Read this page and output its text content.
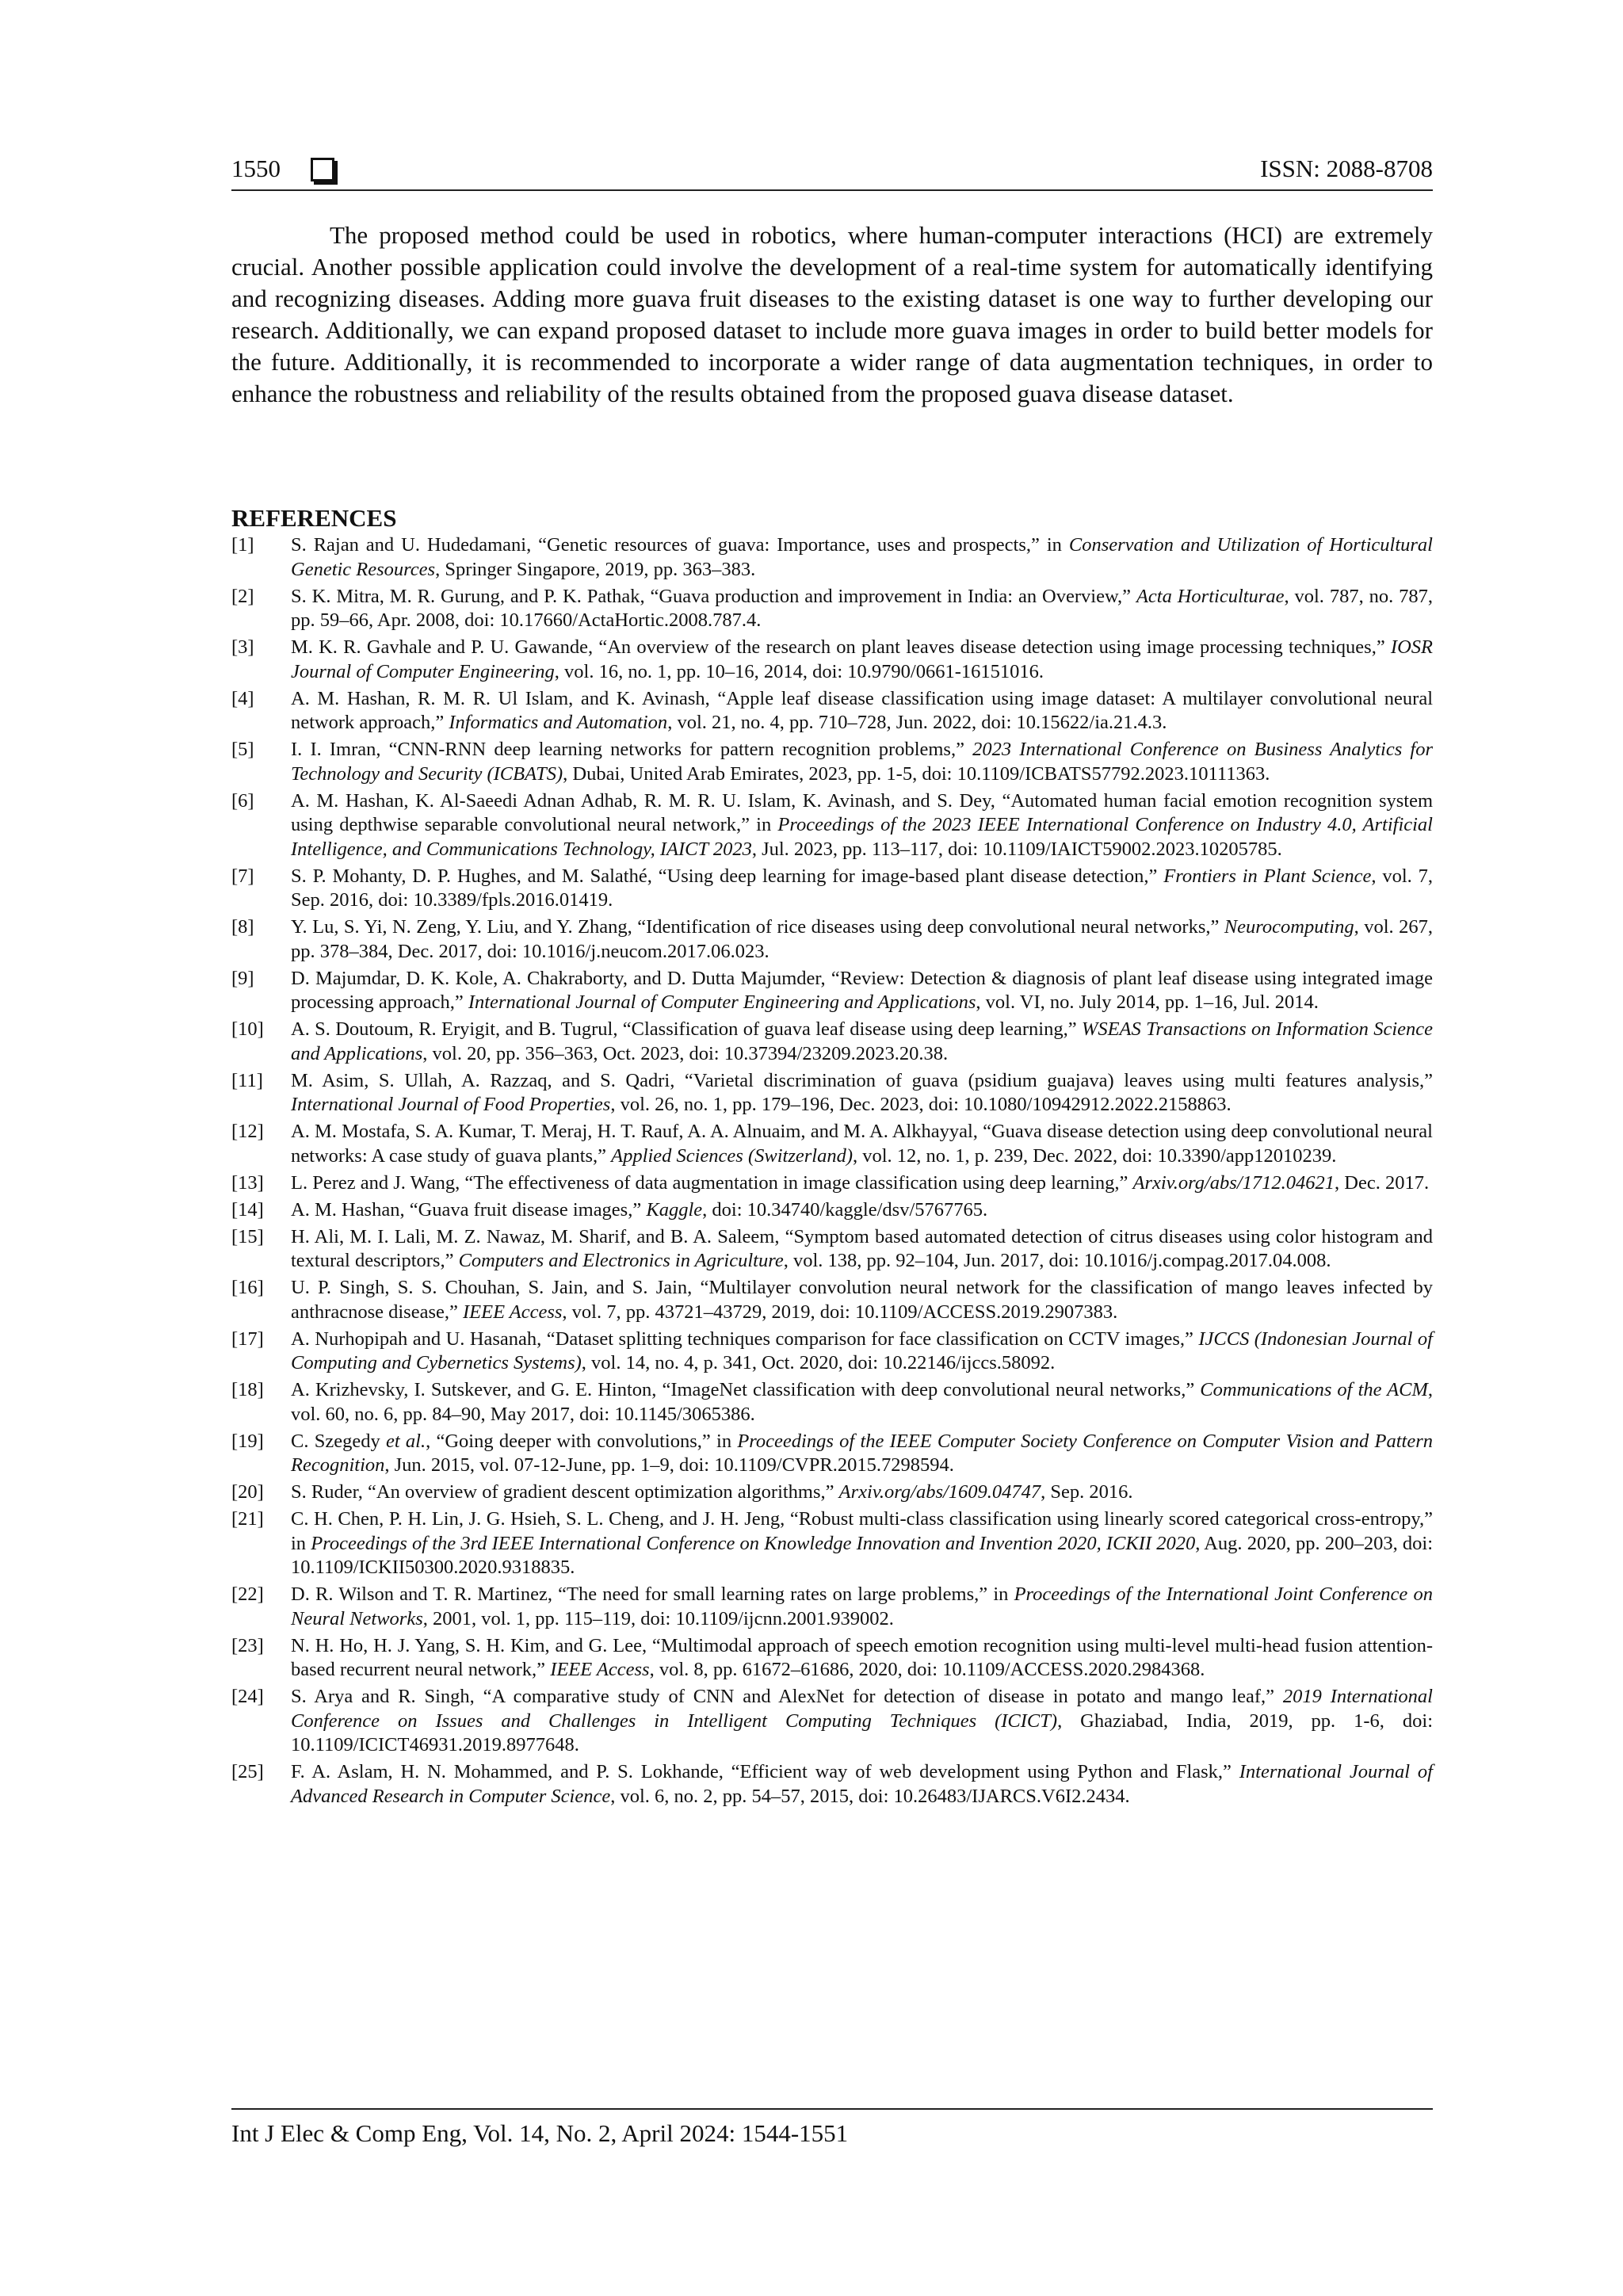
1550	ISSN: 2088-8708

The proposed method could be used in robotics, where human-computer interactions (HCI) are extremely crucial. Another possible application could involve the development of a real-time system for automatically identifying and recognizing diseases. Adding more guava fruit diseases to the existing dataset is one way to further developing our research. Additionally, we can expand proposed dataset to include more guava images in order to build better models for the future. Additionally, it is recommended to incorporate a wider range of data augmentation techniques, in order to enhance the robustness and reliability of the results obtained from the proposed guava disease dataset.

REFERENCES
[1]	S. Rajan and U. Hudedamani, “Genetic resources of guava: Importance, uses and prospects,” in Conservation and Utilization of Horticultural Genetic Resources, Springer Singapore, 2019, pp. 363–383.
[2]	S. K. Mitra, M. R. Gurung, and P. K. Pathak, “Guava production and improvement in India: an Overview,” Acta Horticulturae, vol. 787, no. 787, pp. 59–66, Apr. 2008, doi: 10.17660/ActaHortic.2008.787.4.
[3]	M. K. R. Gavhale and P. U. Gawande, “An overview of the research on plant leaves disease detection using image processing techniques,” IOSR Journal of Computer Engineering, vol. 16, no. 1, pp. 10–16, 2014, doi: 10.9790/0661-16151016.
[4]	A. M. Hashan, R. M. R. Ul Islam, and K. Avinash, “Apple leaf disease classification using image dataset: A multilayer convolutional neural network approach,” Informatics and Automation, vol. 21, no. 4, pp. 710–728, Jun. 2022, doi: 10.15622/ia.21.4.3.
[5]	I. I. Imran, “CNN-RNN deep learning networks for pattern recognition problems,” 2023 International Conference on Business Analytics for Technology and Security (ICBATS), Dubai, United Arab Emirates, 2023, pp. 1-5, doi: 10.1109/ICBATS57792.2023.10111363.
[6]	A. M. Hashan, K. Al-Saeedi Adnan Adhab, R. M. R. U. Islam, K. Avinash, and S. Dey, “Automated human facial emotion recognition system using depthwise separable convolutional neural network,” in Proceedings of the 2023 IEEE International Conference on Industry 4.0, Artificial Intelligence, and Communications Technology, IAICT 2023, Jul. 2023, pp. 113–117, doi: 10.1109/IAICT59002.2023.10205785.
[7]	S. P. Mohanty, D. P. Hughes, and M. Salathé, “Using deep learning for image-based plant disease detection,” Frontiers in Plant Science, vol. 7, Sep. 2016, doi: 10.3389/fpls.2016.01419.
[8]	Y. Lu, S. Yi, N. Zeng, Y. Liu, and Y. Zhang, “Identification of rice diseases using deep convolutional neural networks,” Neurocomputing, vol. 267, pp. 378–384, Dec. 2017, doi: 10.1016/j.neucom.2017.06.023.
[9]	D. Majumdar, D. K. Kole, A. Chakraborty, and D. Dutta Majumder, “Review: Detection & diagnosis of plant leaf disease using integrated image processing approach,” International Journal of Computer Engineering and Applications, vol. VI, no. July 2014, pp. 1–16, Jul. 2014.
[10]	A. S. Doutoum, R. Eryigit, and B. Tugrul, “Classification of guava leaf disease using deep learning,” WSEAS Transactions on Information Science and Applications, vol. 20, pp. 356–363, Oct. 2023, doi: 10.37394/23209.2023.20.38.
[11]	M. Asim, S. Ullah, A. Razzaq, and S. Qadri, “Varietal discrimination of guava (psidium guajava) leaves using multi features analysis,” International Journal of Food Properties, vol. 26, no. 1, pp. 179–196, Dec. 2023, doi: 10.1080/10942912.2022.2158863.
[12]	A. M. Mostafa, S. A. Kumar, T. Meraj, H. T. Rauf, A. A. Alnuaim, and M. A. Alkhayyal, “Guava disease detection using deep convolutional neural networks: A case study of guava plants,” Applied Sciences (Switzerland), vol. 12, no. 1, p. 239, Dec. 2022, doi: 10.3390/app12010239.
[13]	L. Perez and J. Wang, “The effectiveness of data augmentation in image classification using deep learning,” Arxiv.org/abs/1712.04621, Dec. 2017.
[14]	A. M. Hashan, “Guava fruit disease images,” Kaggle, doi: 10.34740/kaggle/dsv/5767765.
[15]	H. Ali, M. I. Lali, M. Z. Nawaz, M. Sharif, and B. A. Saleem, “Symptom based automated detection of citrus diseases using color histogram and textural descriptors,” Computers and Electronics in Agriculture, vol. 138, pp. 92–104, Jun. 2017, doi: 10.1016/j.compag.2017.04.008.
[16]	U. P. Singh, S. S. Chouhan, S. Jain, and S. Jain, “Multilayer convolution neural network for the classification of mango leaves infected by anthracnose disease,” IEEE Access, vol. 7, pp. 43721–43729, 2019, doi: 10.1109/ACCESS.2019.2907383.
[17]	A. Nurhopipah and U. Hasanah, “Dataset splitting techniques comparison for face classification on CCTV images,” IJCCS (Indonesian Journal of Computing and Cybernetics Systems), vol. 14, no. 4, p. 341, Oct. 2020, doi: 10.22146/ijccs.58092.
[18]	A. Krizhevsky, I. Sutskever, and G. E. Hinton, “ImageNet classification with deep convolutional neural networks,” Communications of the ACM, vol. 60, no. 6, pp. 84–90, May 2017, doi: 10.1145/3065386.
[19]	C. Szegedy et al., “Going deeper with convolutions,” in Proceedings of the IEEE Computer Society Conference on Computer Vision and Pattern Recognition, Jun. 2015, vol. 07-12-June, pp. 1–9, doi: 10.1109/CVPR.2015.7298594.
[20]	S. Ruder, “An overview of gradient descent optimization algorithms,” Arxiv.org/abs/1609.04747, Sep. 2016.
[21]	C. H. Chen, P. H. Lin, J. G. Hsieh, S. L. Cheng, and J. H. Jeng, “Robust multi-class classification using linearly scored categorical cross-entropy,” in Proceedings of the 3rd IEEE International Conference on Knowledge Innovation and Invention 2020, ICKII 2020, Aug. 2020, pp. 200–203, doi: 10.1109/ICKII50300.2020.9318835.
[22]	D. R. Wilson and T. R. Martinez, “The need for small learning rates on large problems,” in Proceedings of the International Joint Conference on Neural Networks, 2001, vol. 1, pp. 115–119, doi: 10.1109/ijcnn.2001.939002.
[23]	N. H. Ho, H. J. Yang, S. H. Kim, and G. Lee, “Multimodal approach of speech emotion recognition using multi-level multi-head fusion attention-based recurrent neural network,” IEEE Access, vol. 8, pp. 61672–61686, 2020, doi: 10.1109/ACCESS.2020.2984368.
[24]	S. Arya and R. Singh, “A comparative study of CNN and AlexNet for detection of disease in potato and mango leaf,” 2019 International Conference on Issues and Challenges in Intelligent Computing Techniques (ICICT), Ghaziabad, India, 2019, pp. 1-6, doi: 10.1109/ICICT46931.2019.8977648.
[25]	F. A. Aslam, H. N. Mohammed, and P. S. Lokhande, “Efficient way of web development using Python and Flask,” International Journal of Advanced Research in Computer Science, vol. 6, no. 2, pp. 54–57, 2015, doi: 10.26483/IJARCS.V6I2.2434.
Int J Elec & Comp Eng, Vol. 14, No. 2, April 2024: 1544-1551
